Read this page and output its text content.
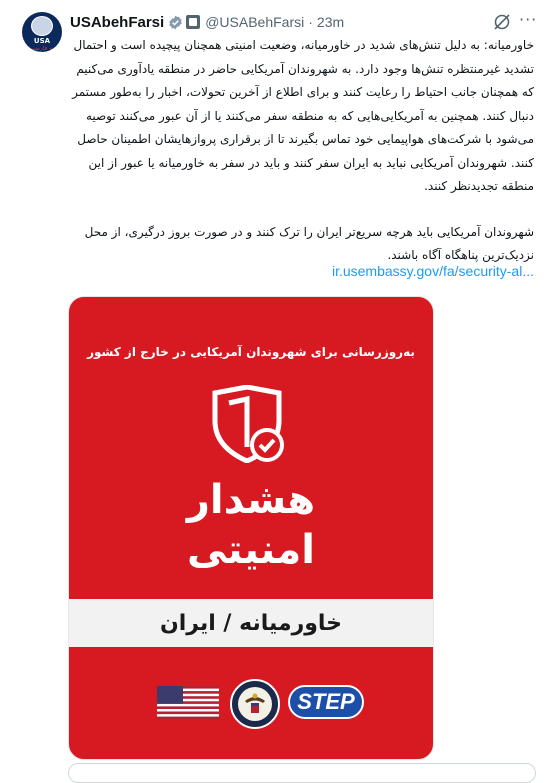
USA
به فارسی
USAbehFarsi	@USABehFarsi · 23m	···

خاورمیانه: به دلیل تنش‌های شدید در خاورمیانه، وضعیت امنیتی همچنان پیچیده است و احتمال تشدید غیرمنتظره تنش‌ها وجود دارد. به شهروندان آمریکایی حاضر در منطقه یادآوری می‌کنیم که همچنان جانب احتیاط را رعایت کنند و برای اطلاع از آخرین تحولات، اخبار را به‌طور مستمر دنبال کنند. همچنین به آمریکایی‌هایی که به منطقه سفر می‌کنند یا از آن عبور می‌کنند توصیه می‌شود با شرکت‌های هواپیمایی خود تماس بگیرند تا از برقراری پروازهایشان اطمینان حاصل کنند. شهروندان آمریکایی نباید به ایران سفر کنند و باید در سفر به خاورمیانه یا عبور از این منطقه تجدیدنظر کنند.

شهروندان آمریکایی باید هرچه سریع‌تر ایران را ترک کنند و در صورت بروز درگیری، از محل نزدیک‌ترین پناهگاه آگاه باشند.

ir.usembassy.gov/fa/security-al...
به‌روزرسانی برای شهروندان آمریکایی در خارج از کشور
هشدار
امنیتی
خاورمیانه / ایران
STEP
